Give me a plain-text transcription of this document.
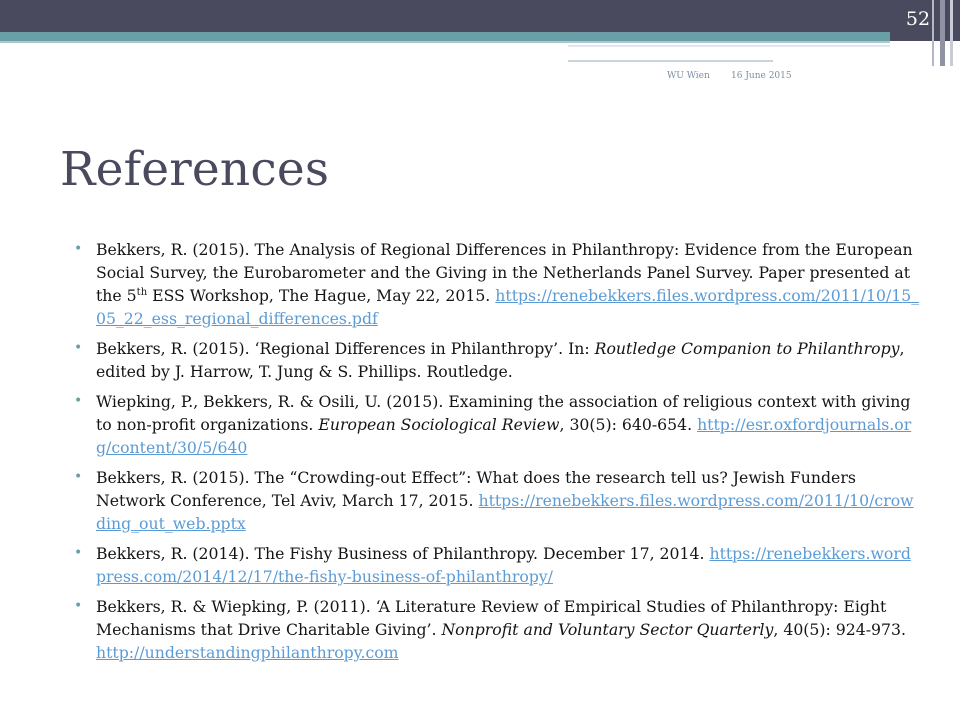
52
WU Wien 16 June 2015
References
• Bekkers, R. (2015). The Analysis of Regional Differences in Philanthropy: Evidence from the European Social Survey, the Eurobarometer and the Giving in the Netherlands Panel Survey. Paper presented at the 5th ESS Workshop, The Hague, May 22, 2015. https://renebekkers.files.wordpress.com/2011/10/15_05_22_ess_regional_differences.pdf
• Bekkers, R. (2015). ‘Regional Differences in Philanthropy’. In: Routledge Companion to Philanthropy, edited by J. Harrow, T. Jung & S. Phillips. Routledge.
• Wiepking, P., Bekkers, R. & Osili, U. (2015). Examining the association of religious context with giving to non-profit organizations. European Sociological Review, 30(5): 640-654. http://esr.oxfordjournals.org/content/30/5/640
• Bekkers, R. (2015). The “Crowding-out Effect”: What does the research tell us? Jewish Funders Network Conference, Tel Aviv, March 17, 2015. https://renebekkers.files.wordpress.com/2011/10/crowding_out_web.pptx
• Bekkers, R. (2014). The Fishy Business of Philanthropy. December 17, 2014. https://renebekkers.wordpress.com/2014/12/17/the-fishy-business-of-philanthropy/
• Bekkers, R. & Wiepking, P. (2011). ‘A Literature Review of Empirical Studies of Philanthropy: Eight Mechanisms that Drive Charitable Giving’. Nonprofit and Voluntary Sector Quarterly, 40(5): 924-973. http://understandingphilanthropy.com
